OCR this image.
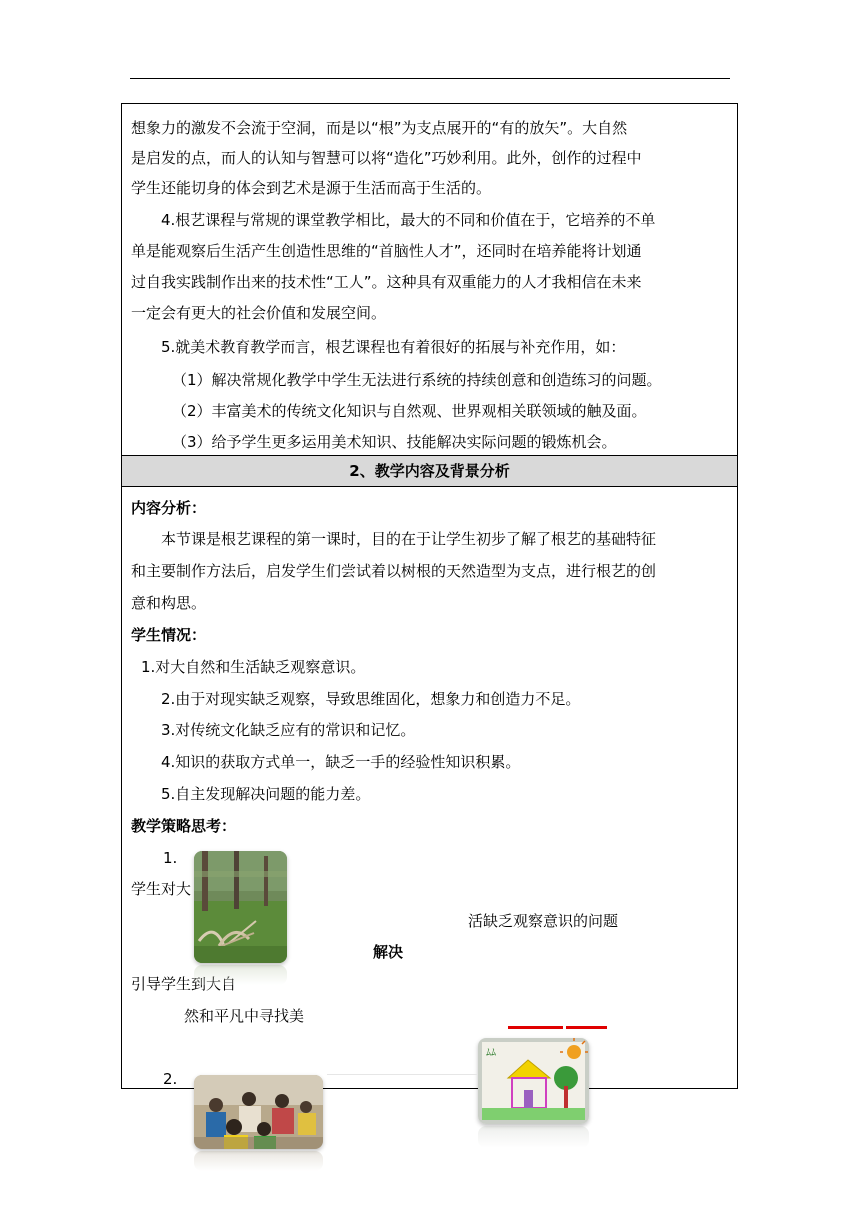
想象力的激发不会流于空洞，而是以“根”为支点展开的“有的放矢”。大自然
是启发的点，而人的认知与智慧可以将“造化”巧妙利用。此外，创作的过程中
学生还能切身的体会到艺术是源于生活而高于生活的。
4.根艺课程与常规的课堂教学相比，最大的不同和价值在于，它培养的不单
单是能观察后生活产生创造性思维的“首脑性人才”，还同时在培养能将计划通
过自我实践制作出来的技术性“工人”。这种具有双重能力的人才我相信在未来
一定会有更大的社会价值和发展空间。
5.就美术教育教学而言，根艺课程也有着很好的拓展与补充作用，如：
（1）解决常规化教学中学生无法进行系统的持续创意和创造练习的问题。
（2）丰富美术的传统文化知识与自然观、世界观相关联领域的触及面。
（3）给予学生更多运用美术知识、技能解决实际问题的锻炼机会。
2、教学内容及背景分析
内容分析：
本节课是根艺课程的第一课时，目的在于让学生初步了解了根艺的基础特征
和主要制作方法后，启发学生们尝试着以树根的天然造型为支点，进行根艺的创
意和构思。
学生情况：
1.对大自然和生活缺乏观察意识。
2.由于对现实缺乏观察，导致思维固化，想象力和创造力不足。
3.对传统文化缺乏应有的常识和记忆。
4.知识的获取方式单一，缺乏一手的经验性知识积累。
5.自主发现解决问题的能力差。
教学策略思考：
1.
学生对大
活缺乏观察意识的问题
解决
引导学生到大自
然和平凡中寻找美
2.
ﾑﾑ
